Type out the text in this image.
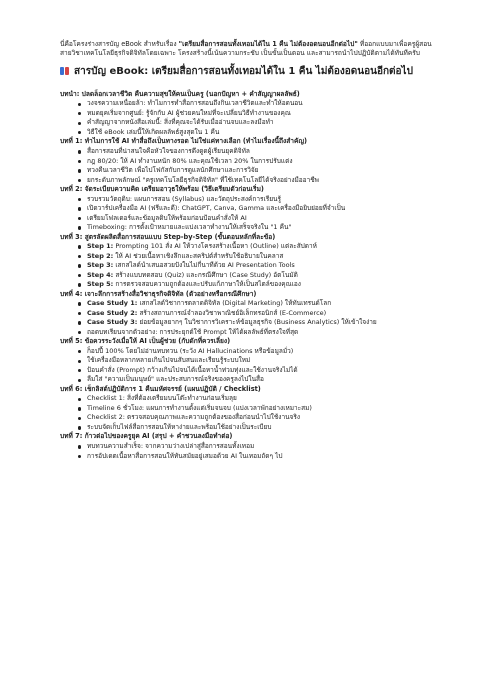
นี่คือโครงร่างสารบัญ eBook สำหรับเรื่อง "เตรียมสื่อการสอนทั้งเทอมได้ใน 1 คืน ไม่ต้องอดนอนอีกต่อไป" ที่ออกแบบมาเพื่อครูผู้สอนสายวิชาเทคโนโลยีธุรกิจดิจิทัลโดยเฉพาะ โครงสร้างนี้เน้นความกระชับ เป็นขั้นเป็นตอน และสามารถนำไปปฏิบัติตามได้ทันทีครับ

สารบัญ eBook: เตรียมสื่อการสอนทั้งเทอมได้ใน 1 คืน ไม่ต้องอดนอนอีกต่อไป

บทนำ: ปลดล็อกเวลาชีวิต คืนความสุขให้คนเป็นครู (นอกปัญหา + คำสัญญาผลลัพธ์)

วงจรความเหนื่อยล้า: ทำไมการทำสื่อการสอนถึงกินเวลาชีวิตและทำให้อดนอน
หมดยุคเริ่มจากศูนย์: รู้จักกับ AI ผู้ช่วยคนใหม่ที่จะเปลี่ยนวิธีทำงานของคุณ
คำสัญญาจากหนังสือเล่มนี้: สิ่งที่คุณจะได้รับเมื่ออ่านจบและลงมือทำ
วิธีใช้ eBook เล่มนี้ให้เกิดผลลัพธ์สูงสุดใน 1 คืน

บทที่ 1: ทำไมการใช้ AI ทำสื่อถึงเป็นทางรอด ไม่ใช่แค่ทางเลือก (ทำไมเรื่องนี้ถึงสำคัญ)

สื่อการสอนที่น่าสนใจคือหัวใจของการดึงดูดผู้เรียนยุคดิจิทัล
กฎ 80/20: ให้ AI ทำงานหนัก 80% และคุณใช้เวลา 20% ในการปรับแต่ง
ทวงคืนเวลาชีวิต เพื่อไปโฟกัสกับการดูแลนักศึกษาและการวิจัย
ยกระดับภาพลักษณ์ "ครูเทคโนโลยีธุรกิจดิจิทัล" ที่ใช้เทคโนโลยีได้จริงอย่างมืออาชีพ

บทที่ 2: จัดระเบียบความคิด เตรียมอาวุธให้พร้อม (วิธีเตรียมตัวก่อนเริ่ม)

รวบรวมวัตถุดิบ: แผนการสอน (Syllabus) และวัตถุประสงค์การเรียนรู้
เปิดวาร์ปเครื่องมือ AI (ฟรีและดี): ChatGPT, Canva, Gamma และเครื่องมือยิบย่อยที่จำเป็น
เตรียมโฟลเดอร์และข้อมูลดิบให้พร้อมก่อนป้อนคำสั่งให้ AI
Timeboxing: การตั้งเป้าหมายและแบ่งเวลาทำงานให้เสร็จจริงใน "1 คืน"

บทที่ 3: สูตรลัดผลิตสื่อการสอนแบบ Step-by-Step (ขั้นตอนหลักที่ละข้อ)

Step 1: Prompting 101 สั่ง AI ให้วางโครงสร้างเนื้อหา (Outline) แต่ละสัปดาห์
Step 2: ให้ AI ช่วยเนื้อหาเชิงลึกและสคริปต์สำหรับใช้อธิบายในคลาส
Step 3: เสกสไลด์นำเสนอสวยปังในไม่กี่นาทีด้วย AI Presentation Tools
Step 4: สร้างแบบทดสอบ (Quiz) และกรณีศึกษา (Case Study) อัตโนมัติ
Step 5: การตรวจสอบความถูกต้องและปรับแก้ภาษาให้เป็นสไตล์ของคุณเอง

บทที่ 4: เจาะลึกการสร้างสื่อวิชาธุรกิจดิจิทัล (ตัวอย่างหรือกรณีศึกษา)

Case Study 1: เสกสไลด์วิชาการตลาดดิจิทัล (Digital Marketing) ให้ทันเทรนด์โลก
Case Study 2: สร้างสถานการณ์จำลองวิชาพาณิชย์อิเล็กทรอนิกส์ (E-Commerce)
Case Study 3: ย่อยข้อมูลยากๆ ในวิชาการวิเคราะห์ข้อมูลธุรกิจ (Business Analytics) ให้เข้าใจง่าย
ถอดบทเรียนจากตัวอย่าง: การประยุกต์ใช้ Prompt ให้ได้ผลลัพธ์ที่ตรงใจที่สุด

บทที่ 5: ข้อควรระวังเมื่อให้ AI เป็นผู้ช่วย (กับดักที่ควรเลี่ยง)

ก็อปปี้ 100% โดยไม่อ่านทบทวน (ระวัง AI Hallucinations หรือข้อมูลมั่ว)
ใช้เครื่องมือหลากหลายเกินไปจนสับสนและเรียนรู้ระบบใหม่
ป้อนคำสั่ง (Prompt) กว้างเกินไปจนได้เนื้อหาน้ำท่วมทุ่งและใช้งานจริงไม่ได้
ลืมใส่ "ความเป็นมนุษย์" และประสบการณ์จริงของครูลงไปในสื่อ

บทที่ 6: เช็กลิสต์ปฏิบัติการ 1 คืนมหัศจรรย์ (แผนปฏิบัติ / Checklist)

Checklist 1: สิ่งที่ต้องเตรียมบนโต๊ะทำงานก่อนเริ่มลุย
Timeline 6 ชั่วโมง: แผนการทำงานตั้งแต่เริ่มจนจบ (แบ่งเวลาพักอย่างเหมาะสม)
Checklist 2: ตรวจสอบคุณภาพและความถูกต้องของสื่อก่อนนำไปใช้งานจริง
ระบบจัดเก็บไฟล์สื่อการสอนให้หาง่ายและพร้อมใช้อย่างเป็นระเบียบ

บทที่ 7: ก้าวต่อไปของครูยุค AI (สรุป + คำชวนลงมือทำต่อ)

ทบทวนความสำเร็จ: จากความว่างเปล่าสู่สื่อการสอนทั้งเทอม
การอัปเดตเนื้อหาสื่อการสอนให้ทันสมัยอยู่เสมอด้วย AI ในเทอมถัดๆ ไป
